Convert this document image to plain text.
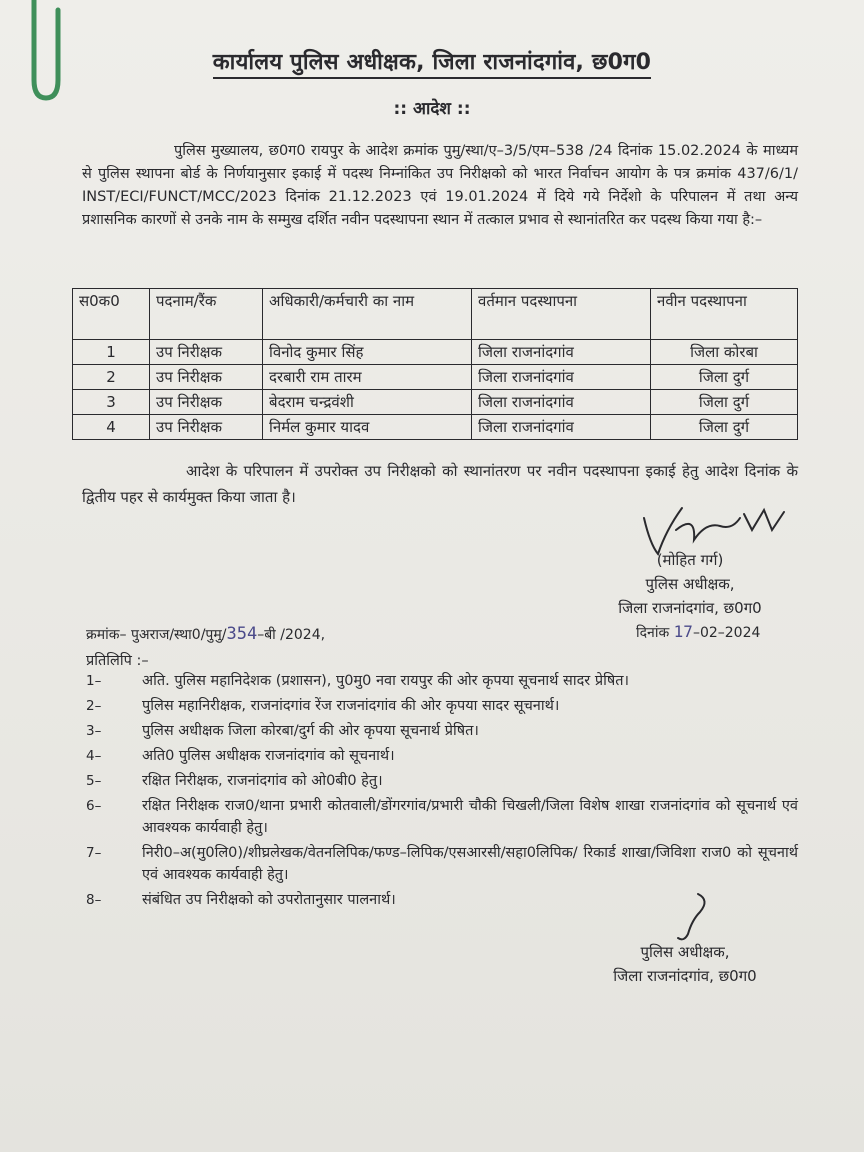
कार्यालय पुलिस अधीक्षक, जिला राजनांदगांव, छ0ग0
:: आदेश ::
पुलिस मुख्यालय, छ0ग0 रायपुर के आदेश क्रमांक पुमु/स्था/ए–3/5/एम–538 /24 दिनांक 15.02.2024 के माध्यम से पुलिस स्थापना बोर्ड के निर्णयानुसार इकाई में पदस्थ निम्नांकित उप निरीक्षको को भारत निर्वाचन आयोग के पत्र क्रमांक 437/6/1/ INST/ECI/FUNCT/MCC/2023 दिनांक 21.12.2023 एवं 19.01.2024 में दिये गये निर्देशो के परिपालन में तथा अन्य प्रशासनिक कारणों से उनके नाम के सम्मुख दर्शित नवीन पदस्थापना स्थान में तत्काल प्रभाव से स्थानांतरित कर पदस्थ किया गया है:–
स0क0	पदनाम/रैंक	अधिकारी/कर्मचारी का नाम	वर्तमान पदस्थापना	नवीन पदस्थापना
1	उप निरीक्षक	विनोद कुमार सिंह	जिला राजनांदगांव	जिला कोरबा
2	उप निरीक्षक	दरबारी राम तारम	जिला राजनांदगांव	जिला दुर्ग
3	उप निरीक्षक	बेदराम चन्द्रवंशी	जिला राजनांदगांव	जिला दुर्ग
4	उप निरीक्षक	निर्मल कुमार यादव	जिला राजनांदगांव	जिला दुर्ग
आदेश के परिपालन में उपरोक्त उप निरीक्षको को स्थानांतरण पर नवीन पदस्थापना इकाई हेतु आदेश दिनांक के द्वितीय पहर से कार्यमुक्त किया जाता है।
(मोहित गर्ग)
पुलिस अधीक्षक,
जिला राजनांदगांव, छ0ग0
क्रमांक– पुअराज/स्था0/पुमु/354–बी /2024,	दिनांक 17–02–2024
प्रतिलिपि :–
1–	अति. पुलिस महानिदेशक (प्रशासन), पु0मु0 नवा रायपुर की ओर कृपया सूचनार्थ सादर प्रेषित।
2–	पुलिस महानिरीक्षक, राजनांदगांव रेंज राजनांदगांव की ओर कृपया सादर सूचनार्थ।
3–	पुलिस अधीक्षक जिला कोरबा/दुर्ग की ओर कृपया सूचनार्थ प्रेषित।
4–	अति0 पुलिस अधीक्षक राजनांदगांव को सूचनार्थ।
5–	रक्षित निरीक्षक, राजनांदगांव को ओ0बी0 हेतु।
6–	रक्षित निरीक्षक राज0/थाना प्रभारी कोतवाली/डोंगरगांव/प्रभारी चौकी चिखली/जिला विशेष शाखा राजनांदगांव को सूचनार्थ एवं आवश्यक कार्यवाही हेतु।
7–	निरी0–अ(मु0लि0)/शीघ्रलेखक/वेतनलिपिक/फण्ड–लिपिक/एसआरसी/सहा0लिपिक/ रिकार्ड शाखा/जिविशा राज0 को सूचनार्थ एवं आवश्यक कार्यवाही हेतु।
8–	संबंधित उप निरीक्षको को उपरोतानुसार पालनार्थ।
पुलिस अधीक्षक,
जिला राजनांदगांव, छ0ग0
